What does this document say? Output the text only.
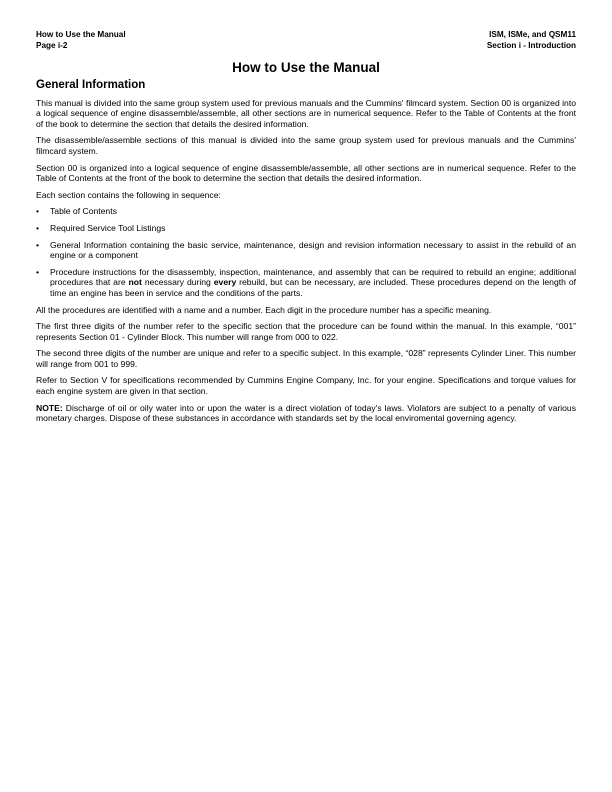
How to Use the Manual
Page i-2
ISM, ISMe, and QSM11
Section i - Introduction
How to Use the Manual
General Information

This manual is divided into the same group system used for previous manuals and the Cummins' filmcard system. Section 00 is organized into a logical sequence of engine disassemble/assemble, all other sections are in numerical sequence. Refer to the Table of Contents at the front of the book to determine the section that details the desired information.

The disassemble/assemble sections of this manual is divided into the same group system used for previous manuals and the Cummins' filmcard system.

Section 00 is organized into a logical sequence of engine disassemble/assemble, all other sections are in numerical sequence. Refer to the Table of Contents at the front of the book to determine the section that details the desired information.

Each section contains the following in sequence:

• Table of Contents
• Required Service Tool Listings
• General Information containing the basic service, maintenance, design and revision information necessary to assist in the rebuild of an engine or a component
• Procedure instructions for the disassembly, inspection, maintenance, and assembly that can be required to rebuild an engine; additional procedures that are not necessary during every rebuild, but can be necessary, are included. These procedures depend on the length of time an engine has been in service and the conditions of the parts.

All the procedures are identified with a name and a number. Each digit in the procedure number has a specific meaning.

The first three digits of the number refer to the specific section that the procedure can be found within the manual. In this example, “001” represents Section 01 - Cylinder Block. This number will range from 000 to 022.

The second three digits of the number are unique and refer to a specific subject. In this example, “028” represents Cylinder Liner. This number will range from 001 to 999.

Refer to Section V for specifications recommended by Cummins Engine Company, Inc. for your engine. Specifications and torque values for each engine system are given in that section.

NOTE: Discharge of oil or oily water into or upon the water is a direct violation of today's laws. Violators are subject to a penalty of various monetary charges. Dispose of these substances in accordance with standards set by the local enviromental governing agency.
